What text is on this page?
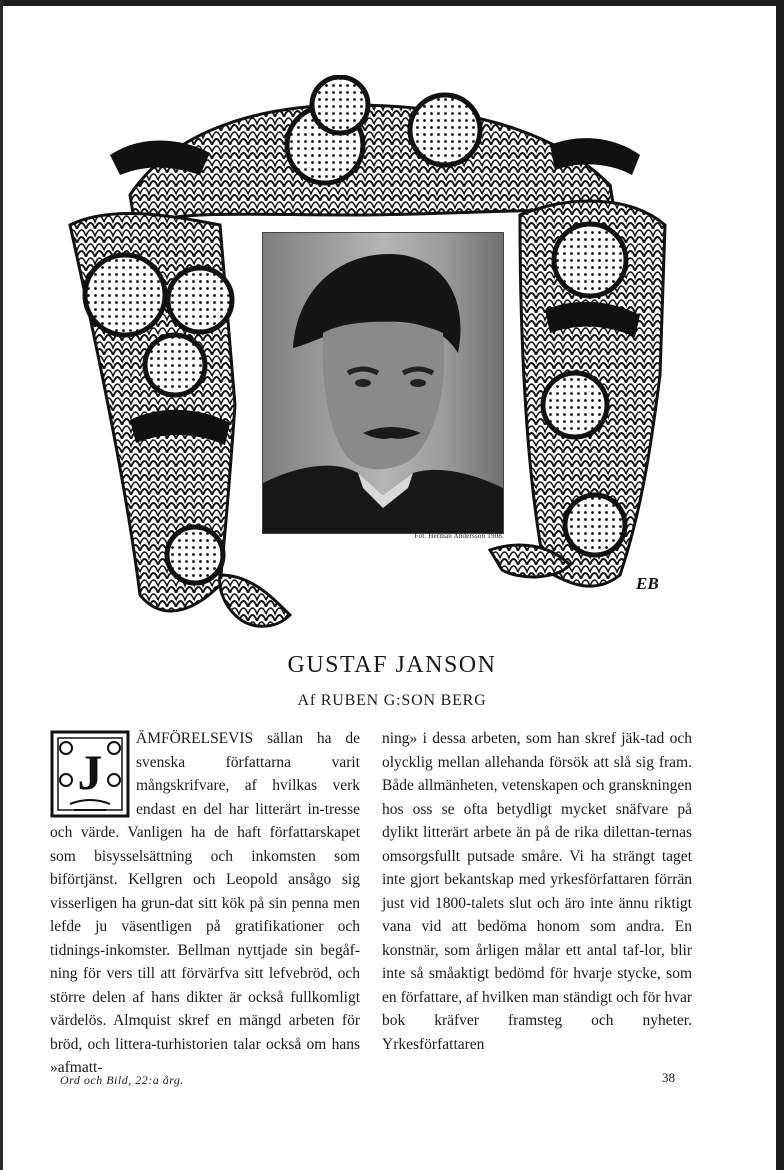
Fot. Herman Andersson 1908.
EB
GUSTAF JANSON
Af RUBEN G:SON BERG
J

ÄMFÖRELSEVIS sällan ha de svenska författarna varit mångskrifvare, af hvilkas verk endast en del har litterärt in-tresse och värde. Vanligen ha de haft författarskapet som bisysselsättning och inkomsten som biförtjänst. Kellgren och Leopold ansågo sig visserligen ha grun-dat sitt kök på sin penna men lefde ju väsentligen på gratifikationer och tidnings-inkomster. Bellman nyttjade sin begåf-ning för vers till att förvärfva sitt lefvebröd, och större delen af hans dikter är också fullkomligt värdelös. Almquist skref en mängd arbeten för bröd, och littera-turhistorien talar också om hans »afmatt-

ning» i dessa arbeten, som han skref jäk-tad och olycklig mellan allehanda försök att slå sig fram. Både allmänheten, vetenskapen och granskningen hos oss se ofta betydligt mycket snäfvare på dylikt litterärt arbete än på de rika dilettan-ternas omsorgsfullt putsade småre. Vi ha strängt taget inte gjort bekantskap med yrkesförfattaren förrän just vid 1800-talets slut och äro inte ännu riktigt vana vid att bedöma honom som andra. En konstnär, som årligen målar ett antal taf-lor, blir inte så småaktigt bedömd för hvarje stycke, som en författare, af hvilken man ständigt och för hvar bok kräfver framsteg och nyheter. Yrkesförfattaren

Ord och Bild, 22:a årg.	38
